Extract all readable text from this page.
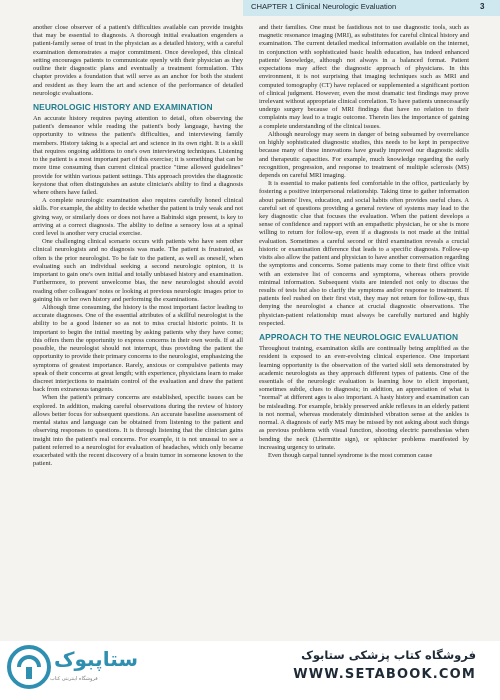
CHAPTER 1 Clinical Neurologic Evaluation	3

another close observer of a patient's difficulties available can provide insights that may be essential to diagnosis. A thorough initial evaluation engenders a patient-family sense of trust in the physician as a detailed history, with a careful examination demonstrates a major commitment. Once developed, this clinical setting encourages patients to communicate openly with their physician as they outline their diagnostic plans and eventually a treatment formulation. This chapter provides a foundation that will serve as an anchor for both the student and resident as they learn the art and science of the performance of detailed neurologic evaluations.

NEUROLOGIC HISTORY AND EXAMINATION

An accurate history requires paying attention to detail, often observing the patient's demeanor while reading the patient's body language, having the opportunity to witness the patient's difficulties, and interviewing family members. History taking is a special art and science in its own right. It is a skill that requires ongoing additions to one's own interviewing techniques. Listening to the patient is a most important part of this exercise; it is something that can be more time consuming than current clinical practice "time allowed guidelines" provide for within various patient settings. This approach provides the diagnostic keystone that often distinguishes an astute clinician's ability to find a diagnosis where others have failed.

A complete neurologic examination also requires carefully honed clinical skills. For example, the ability to decide whether the patient is truly weak and not giving way, or similarly does or does not have a Babinski sign present, is key to arriving at a correct diagnosis. The ability to define a sensory loss at a spinal cord level is another very crucial exercise.

One challenging clinical scenario occurs with patients who have seen other clinical neurologists and no diagnosis was made. The patient is frustrated, as often is the prior neurologist. To be fair to the patient, as well as oneself, when evaluating such an individual seeking a second neurologic opinion, it is important to gain one's own initial and totally unbiased history and examination. Furthermore, to prevent unwelcome bias, the new neurologist should avoid reading other colleagues' notes or looking at previous neurologic images prior to gaining his or her own history and performing the examinations.

Although time consuming, the history is the most important factor leading to accurate diagnoses. One of the essential attributes of a skillful neurologist is the ability to be a good listener so as not to miss crucial historic points. It is important to begin the initial meeting by asking patients why they have come; this offers them the opportunity to express concerns in their own words. If at all possible, the neurologist should not interrupt, thus providing the patient the opportunity to provide their primary concerns to the neurologist, emphasizing the symptoms of greatest importance. Rarely, anxious or compulsive patients may speak of their concerns at great length; with experience, physicians learn to make discreet interjections to maintain control of the evaluation and draw the patient back from extraneous tangents.

When the patient's primary concerns are established, specific issues can be explored. In addition, making careful observations during the review of history allows better focus for subsequent questions. An accurate baseline assessment of mental status and language can be obtained from listening to the patient and observing responses to questions. It is through listening that the clinician gains insight into the patient's real concerns. For example, it is not unusual to see a patient referred to a neurologist for evaluation of headaches, which only became exacerbated with the recent discovery of a brain tumor in someone known to the patient.

and their families. One must be fastidious not to use diagnostic tools, such as magnetic resonance imaging (MRI), as substitutes for careful clinical history and examination. The current detailed medical information available on the internet, in conjunction with sophisticated basic health education, has indeed enhanced patients' knowledge, although not always in a balanced format. Patient expectations may affect the diagnostic approach of physicians. In this environment, it is not surprising that imaging techniques such as MRI and computed tomography (CT) have replaced or supplemented a significant portion of clinical judgment. However, even the most dramatic test findings may prove irrelevant without appropriate clinical correlation. To have patients unnecessarily undergo surgery because of MRI findings that have no relation to their complaints may lead to a tragic outcome. Therein lies the importance of gaining a complete understanding of the clinical issues.

Although neurology may seem in danger of being subsumed by overreliance on highly sophisticated diagnostic studies, this needs to be kept in perspective because many of these innovations have greatly improved our diagnostic skills and therapeutic capacities. For example, much knowledge regarding the early recognition, progression, and response to treatment of multiple sclerosis (MS) depends on careful MRI imaging.

It is essential to make patients feel comfortable in the office, particularly by fostering a positive interpersonal relationship. Taking time to gather information about patients' lives, education, and social habits often provides useful clues. A careful set of questions providing a general review of systems may lead to the key diagnostic clue that focuses the evaluation. When the patient develops a sense of confidence and rapport with an empathetic physician, he or she is more willing to return for follow-up, even if a diagnosis is not made at the initial evaluation. Sometimes a careful second or third examination reveals a crucial historic or examination difference that leads to a specific diagnosis. Follow-up visits also allow the patient and physician to have another conversation regarding the symptoms and concerns. Some patients may come to their first office visit with an extensive list of concerns and symptoms, whereas others provide minimal information. Subsequent visits are intended not only to discuss the results of tests but also to clarify the symptoms and/or response to treatment. If patients feel rushed on their first visit, they may not return for follow-up, thus denying the neurologist a chance at crucial diagnostic observations. The physician-patient relationship must always be carefully nurtured and highly respected.

APPROACH TO THE NEUROLOGIC EVALUATION

Throughout training, examination skills are continually being amplified as the resident is exposed to an ever-evolving clinical experience. One important learning opportunity is the observation of the varied skill sets demonstrated by academic neurologists as they approach different types of patients. One of the essentials of the neurologic evaluation is learning how to elicit important, sometimes subtle, clues to diagnosis; in addition, an appreciation of what is "normal" at different ages is also important. A hasty history and examination can be misleading. For example, briskly preserved ankle reflexes in an elderly patient is not normal, whereas moderately diminished vibration sense at the ankles is normal. A diagnosis of early MS may be missed by not asking about such things as previous problems with visual function, shooting electric paresthesias when bending the neck (Lhermitte sign), or sphincter problems manifested by increasing urgency to urinate.

Even though carpal tunnel syndrome is the most common cause

ستاپبوک
فروشگاه اینترنتی کتاب
فروشگاه کتاب پزشکی ستابوک
WWW.SETABOOK.COM
